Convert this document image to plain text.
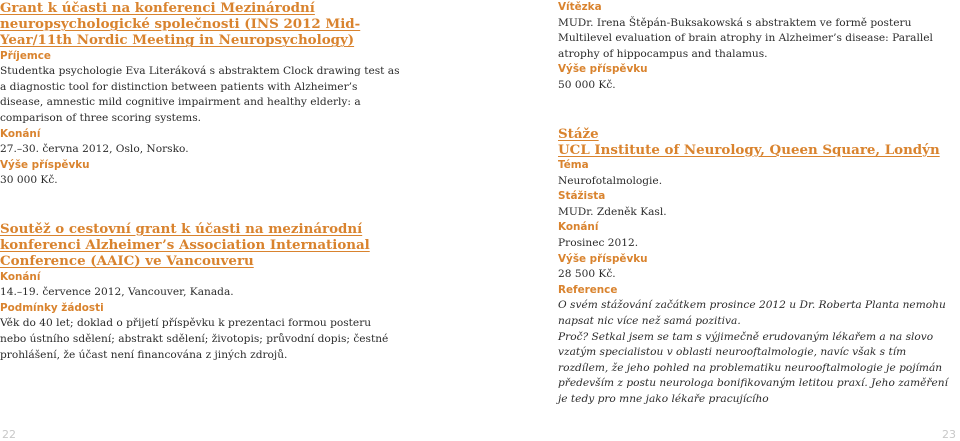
Grant k účasti na konferenci Mezinárodní neuropsychologické společnosti (INS 2012 Mid-Year/11th Nordic Meeting in Neuropsychology)
Příjemce
Studentka psychologie Eva Literáková s abstraktem Clock drawing test as a diagnostic tool for distinction between patients with Alzheimer’s disease, amnestic mild cognitive impairment and healthy elderly: a comparison of three scoring systems.
Konání
27.–30. června 2012, Oslo, Norsko.
Výše příspěvku
30 000 Kč.
Soutěž o cestovní grant k účasti na mezinárodní konferenci Alzheimer’s Association International Conference (AAIC) ve Vancouveru
Konání
14.–19. července 2012, Vancouver, Kanada.
Podmínky žádosti
Věk do 40 let; doklad o přijetí příspěvku k prezentaci formou posteru nebo ústního sdělení; abstrakt sdělení; životopis; průvodní dopis; čestné prohlášení, že účast není financována z jiných zdrojů.
Vítězka
MUDr. Irena Štěpán-Buksakowská s abstraktem ve formě posteru Multilevel evaluation of brain atrophy in Alzheimer’s disease: Parallel atrophy of hippocampus and thalamus.
Výše příspěvku
50 000 Kč.
Stáže
UCL Institute of Neurology, Queen Square, Londýn
Téma
Neurofotalmologie.
Stážista
MUDr. Zdeněk Kasl.
Konání
Prosinec 2012.
Výše příspěvku
28 500 Kč.
Reference
O svém stážování začátkem prosince 2012 u Dr. Roberta Planta nemohu napsat nic více než samá pozitiva.
Proč? Setkal jsem se tam s výjimečně erudovaným lékařem a na slovo vzatým specialistou v oblasti neurooftalmologie, navíc však s tím rozdílem, že jeho pohled na problematiku neurooftalmologie je pojímán především z postu neurologa bonifikovaným letitou praxí. Jeho zaměření je tedy pro mne jako lékaře pracujícího
22	23
